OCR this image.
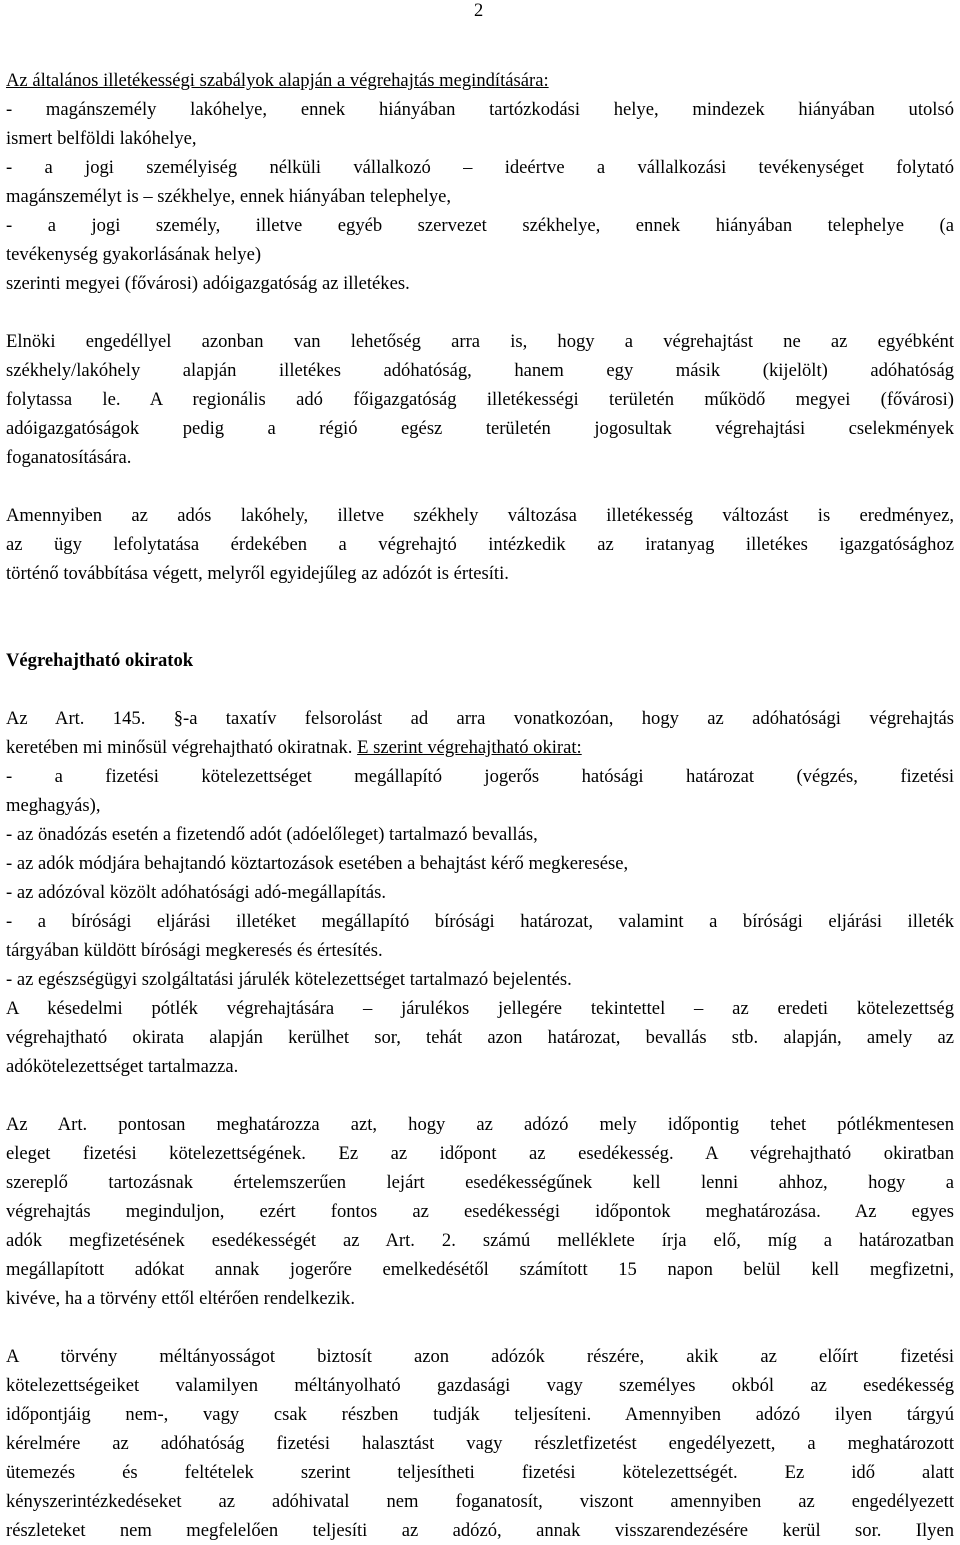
2
Az általános illetékességi szabályok alapján a végrehajtás megindítására:
- magánszemély lakóhelye, ennek hiányában tartózkodási helye, mindezek hiányában utolsó
ismert belföldi lakóhelye,
- a jogi személyiség nélküli vállalkozó – ideértve a vállalkozási tevékenységet folytató
magánszemélyt is – székhelye, ennek hiányában telephelye,
- a jogi személy, illetve egyéb szervezet székhelye, ennek hiányában telephelye (a
tevékenység gyakorlásának helye)
szerinti megyei (fővárosi) adóigazgatóság az illetékes.
Elnöki engedéllyel azonban van lehetőség arra is, hogy a végrehajtást ne az egyébként
székhely/lakóhely alapján illetékes adóhatóság, hanem egy másik (kijelölt) adóhatóság
folytassa le. A regionális adó főigazgatóság illetékességi területén működő megyei (fővárosi)
adóigazgatóságok pedig a régió egész területén jogosultak végrehajtási cselekmények
foganatosítására.
Amennyiben az adós lakóhely, illetve székhely változása illetékesség változást is eredményez,
az ügy lefolytatása érdekében a végrehajtó intézkedik az iratanyag illetékes igazgatósághoz
történő továbbítása végett, melyről egyidejűleg az adózót is értesíti.
Végrehajtható okiratok
Az Art. 145. §-a taxatív felsorolást ad arra vonatkozóan, hogy az adóhatósági végrehajtás
keretében mi minősül végrehajtható okiratnak. E szerint végrehajtható okirat:
- a fizetési kötelezettséget megállapító jogerős hatósági határozat (végzés, fizetési
meghagyás),
- az önadózás esetén a fizetendő adót (adóelőleget) tartalmazó bevallás,
- az adók módjára behajtandó köztartozások esetében a behajtást kérő megkeresése,
- az adózóval közölt adóhatósági adó-megállapítás.
- a bírósági eljárási illetéket megállapító bírósági határozat, valamint a bírósági eljárási illeték
tárgyában küldött bírósági megkeresés és értesítés.
- az egészségügyi szolgáltatási járulék kötelezettséget tartalmazó bejelentés.
A késedelmi pótlék végrehajtására – járulékos jellegére tekintettel – az eredeti kötelezettség
végrehajtható okirata alapján kerülhet sor, tehát azon határozat, bevallás stb. alapján, amely az
adókötelezettséget tartalmazza.
Az Art. pontosan meghatározza azt, hogy az adózó mely időpontig tehet pótlékmentesen
eleget fizetési kötelezettségének. Ez az időpont az esedékesség. A végrehajtható okiratban
szereplő tartozásnak értelemszerűen lejárt esedékességűnek kell lenni ahhoz, hogy a
végrehajtás meginduljon, ezért fontos az esedékességi időpontok meghatározása. Az egyes
adók megfizetésének esedékességét az Art. 2. számú melléklete írja elő, míg a határozatban
megállapított adókat annak jogerőre emelkedésétől számított 15 napon belül kell megfizetni,
kivéve, ha a törvény ettől eltérően rendelkezik.
A törvény méltányosságot biztosít azon adózók részére, akik az előírt fizetési
kötelezettségeiket valamilyen méltányolható gazdasági vagy személyes okból az esedékesség
időpontjáig nem-, vagy csak részben tudják teljesíteni. Amennyiben adózó ilyen tárgyú
kérelmére az adóhatóság fizetési halasztást vagy részletfizetést engedélyezett, a meghatározott
ütemezés és feltételek szerint teljesítheti fizetési kötelezettségét. Ez idő alatt
kényszerintézkedéseket az adóhivatal nem foganatosít, viszont amennyiben az engedélyezett
részleteket nem megfelelően teljesíti az adózó, annak visszarendezésére kerül sor. Ilyen
